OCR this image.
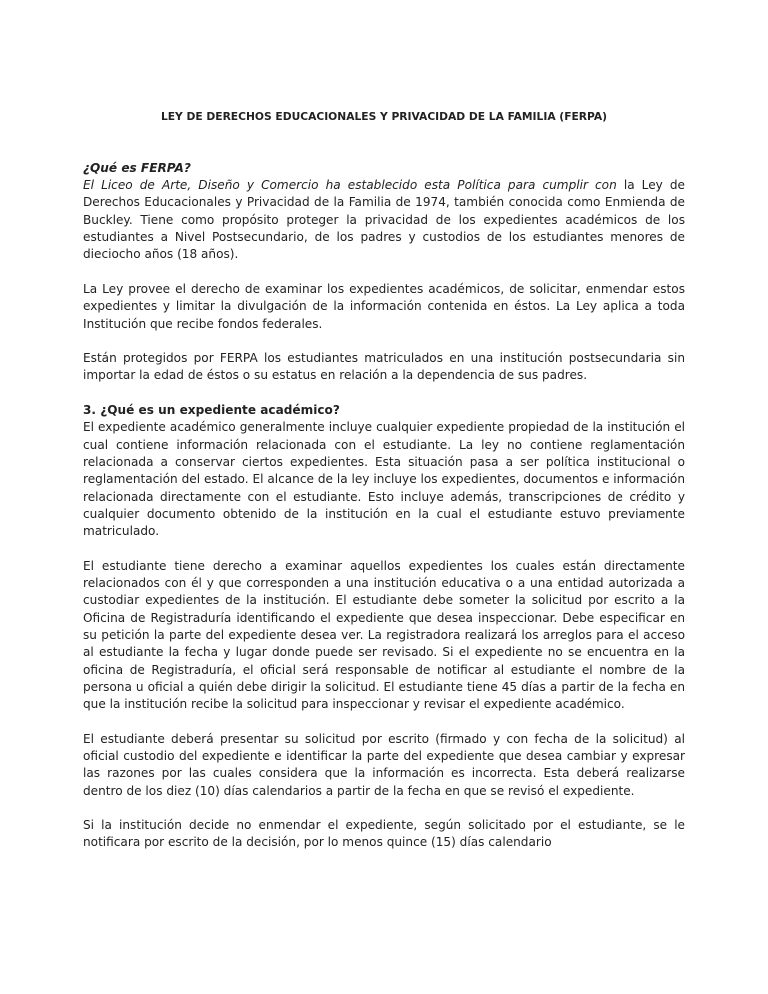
LEY DE DERECHOS EDUCACIONALES Y PRIVACIDAD DE LA FAMILIA (FERPA)
¿Qué es FERPA?

El Liceo de Arte, Diseño y Comercio ha establecido esta Política para cumplir con la Ley de Derechos Educacionales y Privacidad de la Familia de 1974, también conocida como Enmienda de Buckley. Tiene como propósito proteger la privacidad de los expedientes académicos de los estudiantes a Nivel Postsecundario, de los padres y custodios de los estudiantes menores de dieciocho años (18 años).

La Ley provee el derecho de examinar los expedientes académicos, de solicitar, enmendar estos expedientes y limitar la divulgación de la información contenida en éstos. La Ley aplica a toda Institución que recibe fondos federales.

Están protegidos por FERPA los estudiantes matriculados en una institución postsecundaria sin importar la edad de éstos o su estatus en relación a la dependencia de sus padres.

3. ¿Qué es un expediente académico?

El expediente académico generalmente incluye cualquier expediente propiedad de la institución el cual contiene información relacionada con el estudiante. La ley no contiene reglamentación relacionada a conservar ciertos expedientes. Esta situación pasa a ser política institucional o reglamentación del estado. El alcance de la ley incluye los expedientes, documentos e información relacionada directamente con el estudiante. Esto incluye además, transcripciones de crédito y cualquier documento obtenido de la institución en la cual el estudiante estuvo previamente matriculado.

El estudiante tiene derecho a examinar aquellos expedientes los cuales están directamente relacionados con él y que corresponden a una institución educativa o a una entidad autorizada a custodiar expedientes de la institución. El estudiante debe someter la solicitud por escrito a la Oficina de Registraduría identificando el expediente que desea inspeccionar. Debe especificar en su petición la parte del expediente desea ver. La registradora realizará los arreglos para el acceso al estudiante la fecha y lugar donde puede ser revisado. Si el expediente no se encuentra en la oficina de Registraduría, el oficial será responsable de notificar al estudiante el nombre de la persona u oficial a quién debe dirigir la solicitud. El estudiante tiene 45 días a partir de la fecha en que la institución recibe la solicitud para inspeccionar y revisar el expediente académico.

El estudiante deberá presentar su solicitud por escrito (firmado y con fecha de la solicitud) al oficial custodio del expediente e identificar la parte del expediente que desea cambiar y expresar las razones por las cuales considera que la información es incorrecta. Esta deberá realizarse dentro de los diez (10) días calendarios a partir de la fecha en que se revisó el expediente.

Si la institución decide no enmendar el expediente, según solicitado por el estudiante, se le notificara por escrito de la decisión, por lo menos quince (15) días calendario
